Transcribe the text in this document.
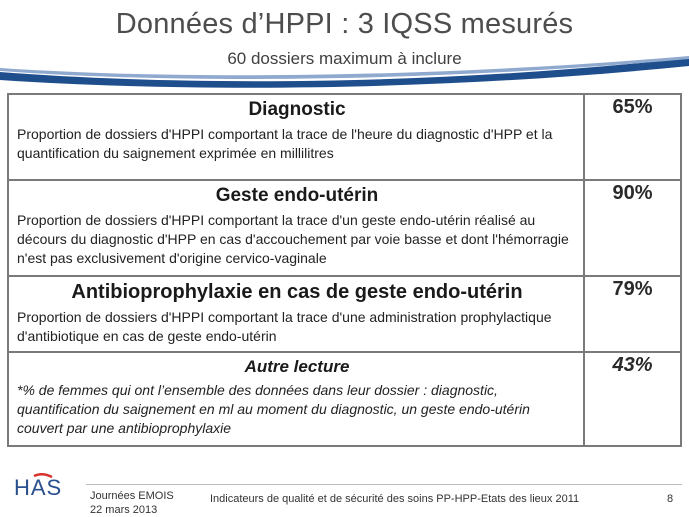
Données d’HPPI : 3 IQSS mesurés
60 dossiers maximum à inclure
Diagnostic
Proportion de dossiers d'HPPI comportant la trace de l'heure du diagnostic d'HPP et la quantification du saignement exprimée en millilitres	65%

Geste endo-utérin
Proportion de dossiers d'HPPI comportant la trace d'un geste endo-utérin réalisé au décours du diagnostic d'HPP en cas d'accouchement par voie basse et dont l'hémorragie n'est pas exclusivement d'origine cervico-vaginale	90%

Antibioprophylaxie en cas de geste endo-utérin
Proportion de dossiers d'HPPI comportant la trace d'une administration prophylactique d'antibiotique en cas de geste endo-utérin	79%

Autre lecture
*% de femmes qui ont l’ensemble des données dans leur dossier : diagnostic, quantification du saignement en ml au moment du diagnostic, un geste endo-utérin couvert par une antibioprophylaxie	43%
HAS	Journées EMOIS
22 mars 2013
Indicateurs de qualité et de sécurité des soins PP-HPP-Etats des lieux 2011	8
